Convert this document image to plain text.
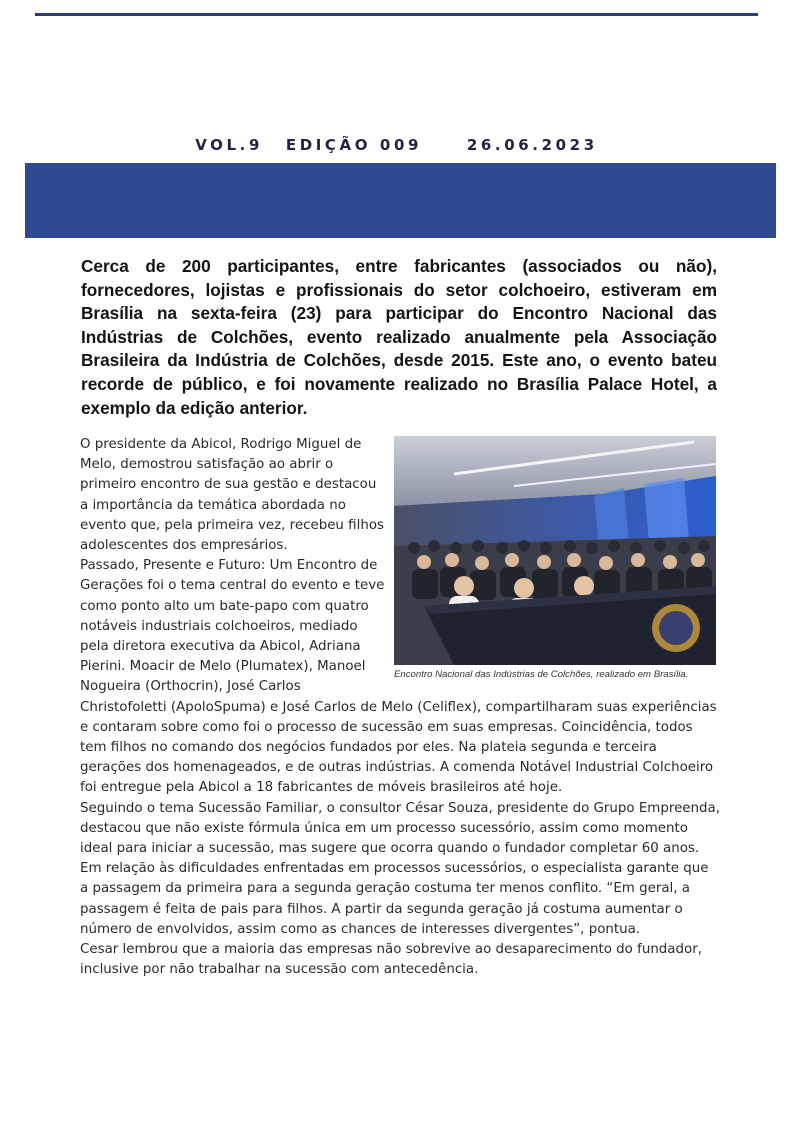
VOL.9 EDIÇÃO 009	26.06.2023

Cerca de 200 participantes, entre fabricantes (associados ou não), fornecedores, lojistas e profissionais do setor colchoeiro, estiveram em Brasília na sexta-feira (23) para participar do Encontro Nacional das Indústrias de Colchões, evento realizado anualmente pela Associação Brasileira da Indústria de Colchões, desde 2015. Este ano, o evento bateu recorde de público, e foi novamente realizado no Brasília Palace Hotel, a exemplo da edição anterior.

Encontro Nacional das Indústrias de Colchões, realizado em Brasília.

O presidente da Abicol, Rodrigo Miguel de Melo, demostrou satisfação ao abrir o primeiro encontro de sua gestão e destacou a importância da temática abordada no evento que, pela primeira vez, recebeu filhos adolescentes dos empresários.

Passado, Presente e Futuro: Um Encontro de Gerações foi o tema central do evento e teve como ponto alto um bate-papo com quatro notáveis industriais colchoeiros, mediado pela diretora executiva da Abicol, Adriana Pierini. Moacir de Melo (Plumatex), Manoel Nogueira (Orthocrin), José Carlos Christofoletti (ApoloSpuma) e José Carlos de Melo (Celiflex), compartilharam suas experiências e contaram sobre como foi o processo de sucessão em suas empresas. Coincidência, todos tem filhos no comando dos negócios fundados por eles. Na plateia segunda e terceira gerações dos homenageados, e de outras indústrias. A comenda Notável Industrial Colchoeiro foi entregue pela Abicol a 18 fabricantes de móveis brasileiros até hoje.

Seguindo o tema Sucessão Familiar, o consultor César Souza, presidente do Grupo Empreenda, destacou que não existe fórmula única em um processo sucessório, assim como momento ideal para iniciar a sucessão, mas sugere que ocorra quando o fundador completar 60 anos.

Em relação às dificuldades enfrentadas em processos sucessórios, o especialista garante que a passagem da primeira para a segunda geração costuma ter menos conflito. “Em geral, a passagem é feita de pais para filhos. A partir da segunda geração já costuma aumentar o número de envolvidos, assim como as chances de interesses divergentes”, pontua.

Cesar lembrou que a maioria das empresas não sobrevive ao desaparecimento do fundador, inclusive por não trabalhar na sucessão com antecedência.
